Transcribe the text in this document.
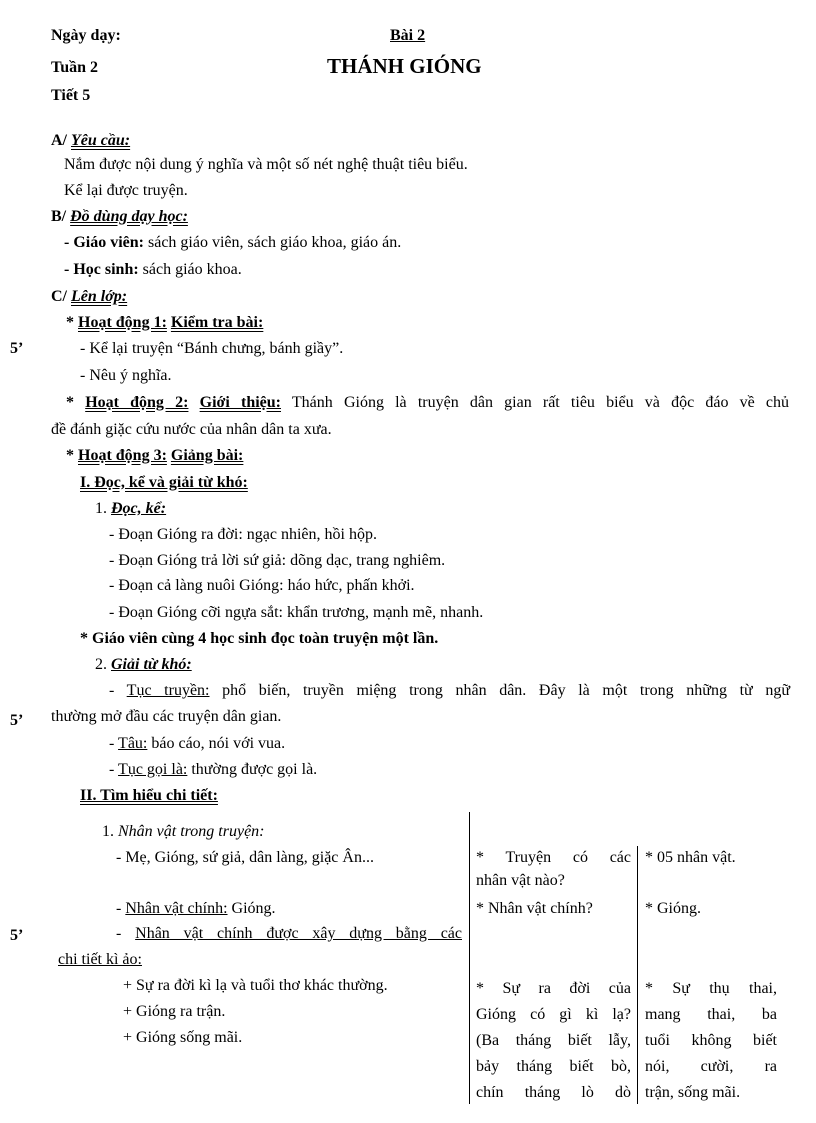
Ngày dạy:
Tuần 2
Tiết 5
Bài 2
THÁNH GIÓNG
A/ Yêu cầu:
Nắm được nội dung ý nghĩa và một số nét nghệ thuật tiêu biểu.
Kể lại được truyện.
B/ Đồ dùng dạy học:
- Giáo viên: sách giáo viên, sách giáo khoa, giáo án.
- Học sinh: sách giáo khoa.
C/ Lên lớp:
* Hoạt động 1: Kiểm tra bài:
5’	- Kể lại truyện “Bánh chưng, bánh giầy”.
- Nêu ý nghĩa.
* Hoạt động 2: Giới thiệu: Thánh Gióng là truyện dân gian rất tiêu biểu và độc đáo về chủ
đề đánh giặc cứu nước của nhân dân ta xưa.
* Hoạt động 3: Giảng bài:
I. Đọc, kể và giải từ khó:
1. Đọc, kể:
- Đoạn Gióng ra đời: ngạc nhiên, hồi hộp.
- Đoạn Gióng trả lời sứ giả: dõng dạc, trang nghiêm.
- Đoạn cả làng nuôi Gióng: háo hức, phấn khởi.
- Đoạn Gióng cỡi ngựa sắt: khẩn trương, mạnh mẽ, nhanh.
* Giáo viên cùng 4 học sinh đọc toàn truyện một lần.
2. Giải từ khó:
- Tục truyền: phổ biến, truyền miệng trong nhân dân. Đây là một trong những từ ngữ
5’ thường mở đầu các truyện dân gian.
- Tâu: báo cáo, nói với vua.
- Tục gọi là: thường được gọi là.
II. Tìm hiểu chi tiết:
1. Nhân vật trong truyện:
- Mẹ, Gióng, sứ giả, dân làng, giặc Ân...
- Nhân vật chính: Gióng.
5’	- Nhân vật chính được xây dựng bằng các
chi tiết kì ảo:
+ Sự ra đời kì lạ và tuổi thơ khác thường.
+ Gióng ra trận.
+ Gióng sống mãi.
* Truyện có các
nhân vật nào?
* Nhân vật chính?
* Sự ra đời của
Gióng có gì kì lạ?
(Ba tháng biết lẫy,
bảy tháng biết bò,
chín tháng lò dò
* 05 nhân vật.
* Gióng.
* Sự thụ thai,
mang thai, ba
tuổi không biết
nói, cười, ra
trận, sống mãi.
